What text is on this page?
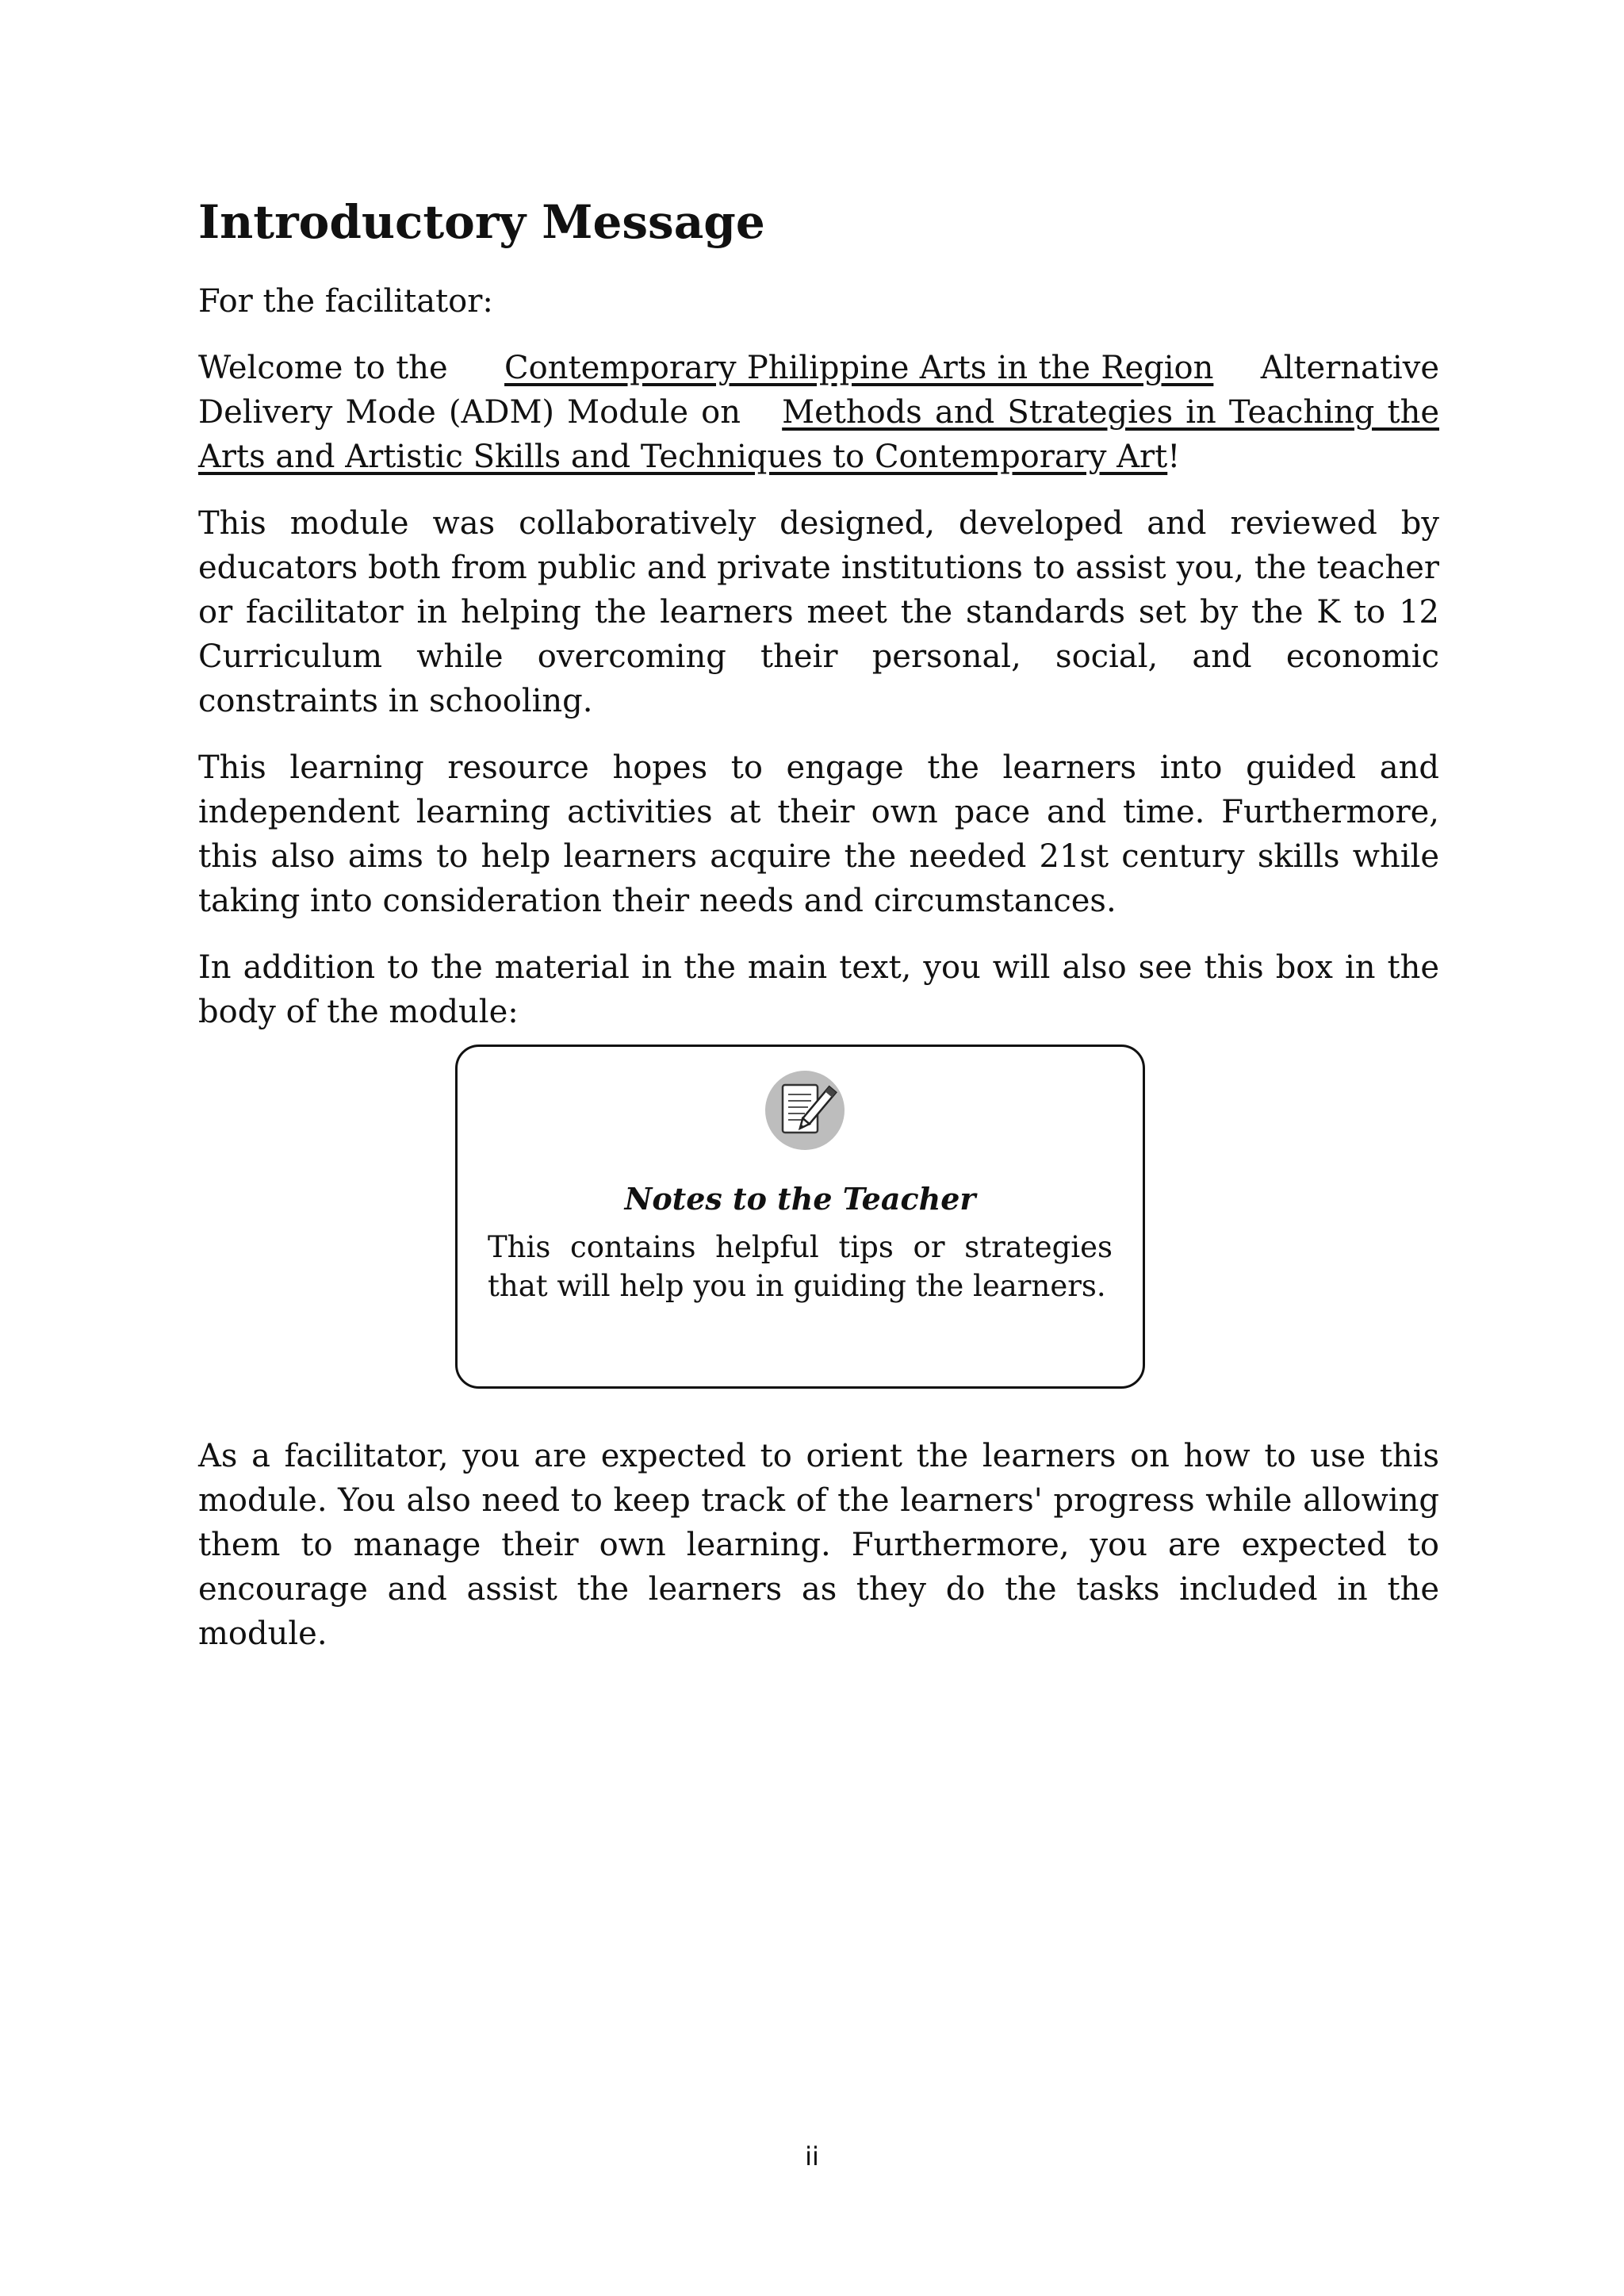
Introductory Message

For the facilitator:

Welcome to the Contemporary Philippine Arts in the Region Alternative Delivery Mode (ADM) Module on Methods and Strategies in Teaching the Arts and Artistic Skills and Techniques to Contemporary Art!

This module was collaboratively designed, developed and reviewed by educators both from public and private institutions to assist you, the teacher or facilitator in helping the learners meet the standards set by the K to 12 Curriculum while overcoming their personal, social, and economic constraints in schooling.

This learning resource hopes to engage the learners into guided and independent learning activities at their own pace and time. Furthermore, this also aims to help learners acquire the needed 21st century skills while taking into consideration their needs and circumstances.

In addition to the material in the main text, you will also see this box in the body of the module:

As a facilitator, you are expected to orient the learners on how to use this module. You also need to keep track of the learners' progress while allowing them to manage their own learning. Furthermore, you are expected to encourage and assist the learners as they do the tasks included in the module.

Notes to the Teacher

This contains helpful tips or strategies that will help you in guiding the learners.

ii
